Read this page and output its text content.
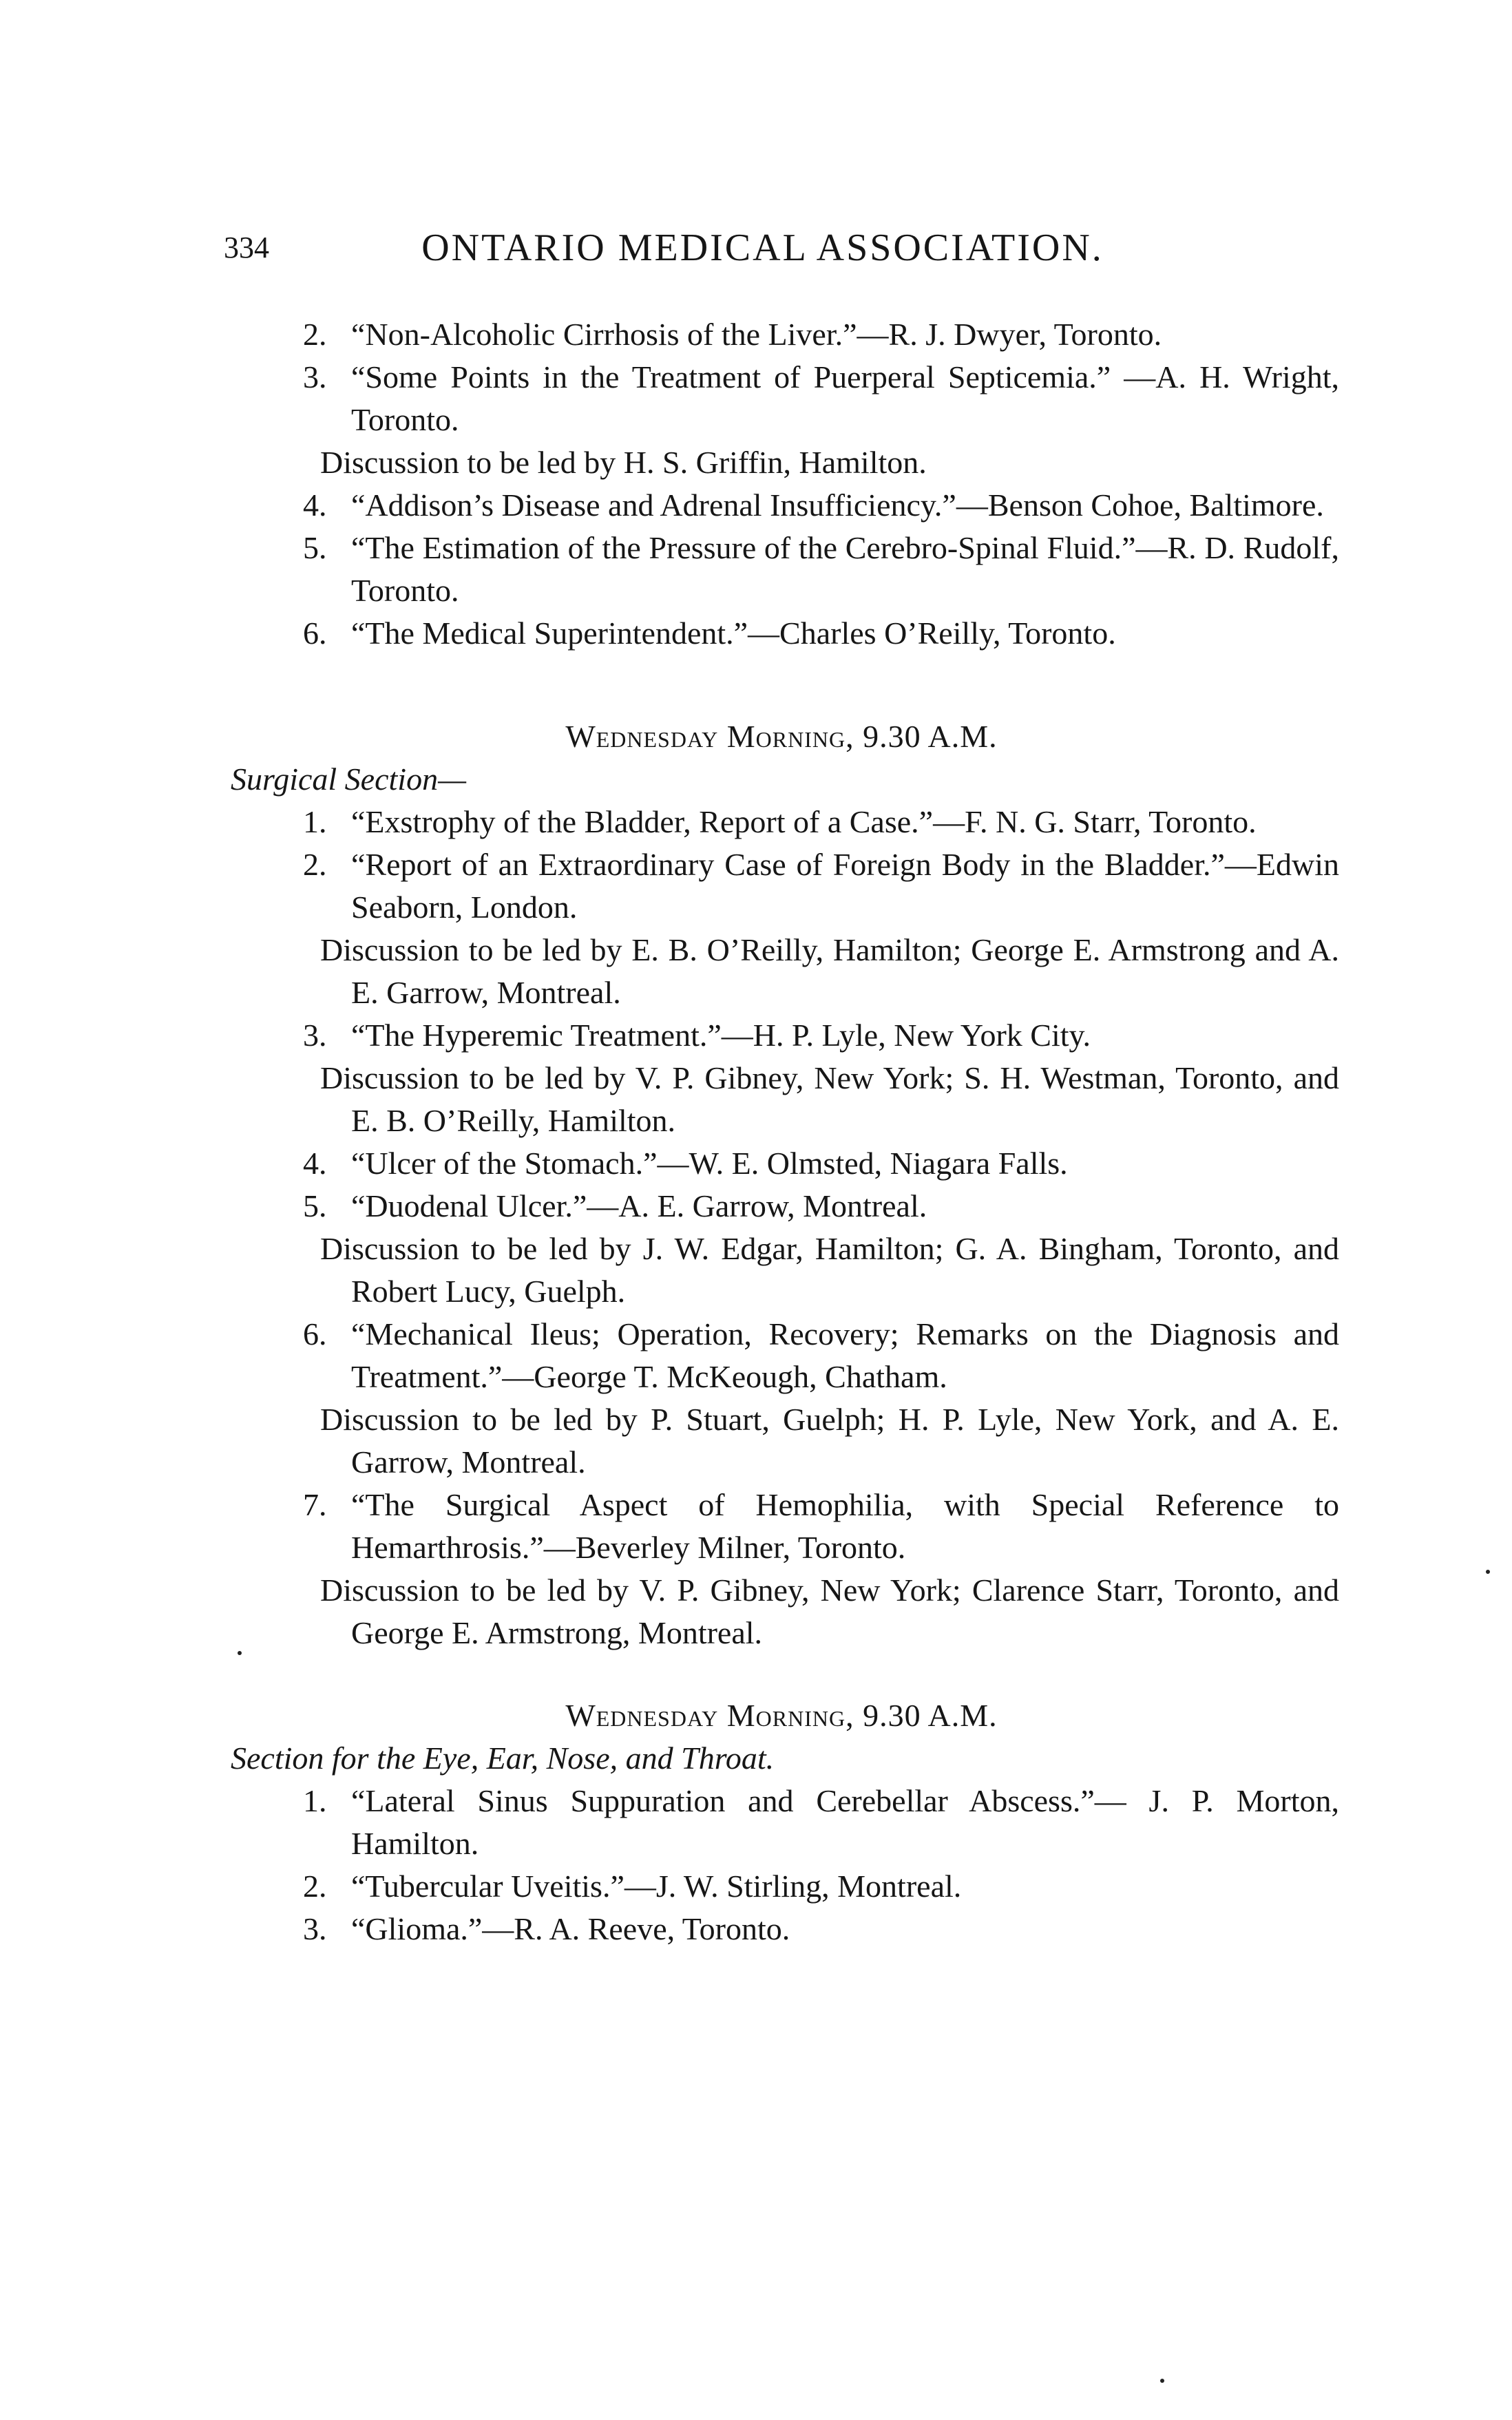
334	ONTARIO MEDICAL ASSOCIATION.

2. “Non-Alcoholic Cirrhosis of the Liver.”—R. J. Dwyer, Toronto.

3. “Some Points in the Treatment of Puerperal Septicemia.” —A. H. Wright, Toronto.

Discussion to be led by H. S. Griffin, Hamilton.

4. “Addison’s Disease and Adrenal Insufficiency.”—Benson Cohoe, Baltimore.

5. “The Estimation of the Pressure of the Cerebro-Spinal Fluid.”—R. D. Rudolf, Toronto.

6. “The Medical Superintendent.”—Charles O’Reilly, Toronto.

Wednesday Morning, 9.30 A.M.

Surgical Section—

1. “Exstrophy of the Bladder, Report of a Case.”—F. N. G. Starr, Toronto.

2. “Report of an Extraordinary Case of Foreign Body in the Bladder.”—Edwin Seaborn, London.

Discussion to be led by E. B. O’Reilly, Hamilton; George E. Armstrong and A. E. Garrow, Montreal.

3. “The Hyperemic Treatment.”—H. P. Lyle, New York City.

Discussion to be led by V. P. Gibney, New York; S. H. Westman, Toronto, and E. B. O’Reilly, Hamilton.

4. “Ulcer of the Stomach.”—W. E. Olmsted, Niagara Falls.

5. “Duodenal Ulcer.”—A. E. Garrow, Montreal.

Discussion to be led by J. W. Edgar, Hamilton; G. A. Bingham, Toronto, and Robert Lucy, Guelph.

6. “Mechanical Ileus; Operation, Recovery; Remarks on the Diagnosis and Treatment.”—George T. McKeough, Chatham.

Discussion to be led by P. Stuart, Guelph; H. P. Lyle, New York, and A. E. Garrow, Montreal.

7. “The Surgical Aspect of Hemophilia, with Special Reference to Hemarthrosis.”—Beverley Milner, Toronto.

Discussion to be led by V. P. Gibney, New York; Clarence Starr, Toronto, and George E. Armstrong, Montreal.

Wednesday Morning, 9.30 A.M.

Section for the Eye, Ear, Nose, and Throat.

1. “Lateral Sinus Suppuration and Cerebellar Abscess.”— J. P. Morton, Hamilton.

2. “Tubercular Uveitis.”—J. W. Stirling, Montreal.

3. “Glioma.”—R. A. Reeve, Toronto.
